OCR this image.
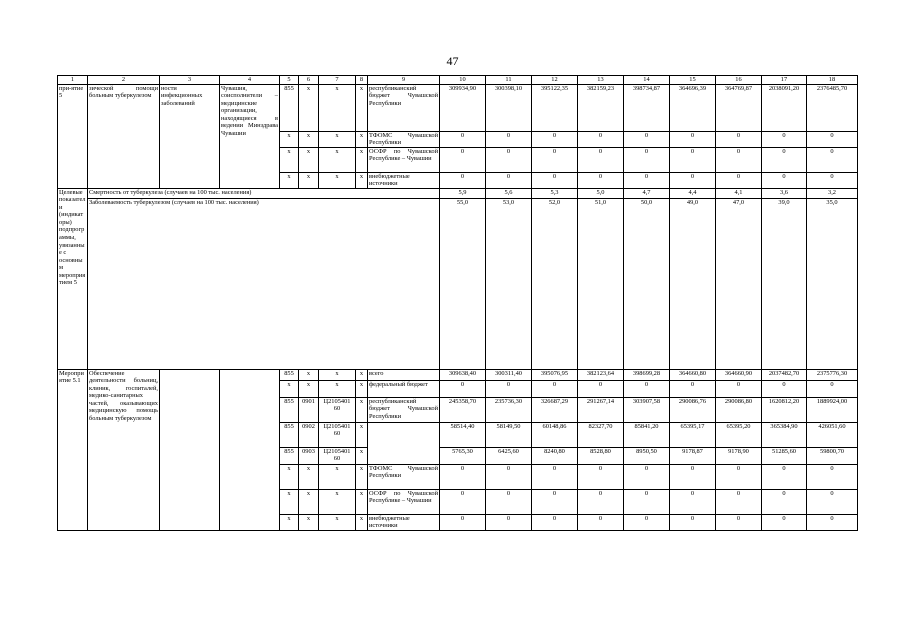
47
1	2	3	4	5	6	7	8	9	10	11	12	13	14	15	16	17	18
при-ятие 5	зической помощи больным туберкулезом	ности инфекционных заболеваний	Чувашия, соисполнители – медицинские организации, находящиеся в ведении Минздрава Чувашии	855	x	x	x	республиканский бюджет Чувашской Республики	309934,90	300398,10	395122,35	382159,23	398734,87	364696,39	364769,87	2038091,20	2376485,70
				x	x	x	x	ТФОМС Чувашской Республики	0	0	0	0	0	0	0	0	0
				x	x	x	x	ОСФР по Чувашской Республике – Чувашии	0	0	0	0	0	0	0	0	0
				x	x	x	x	внебюджетные источники	0	0	0	0	0	0	0	0	0
Целевые показатели (индикаторы) подпрограммы, увязанные с основным мероприятием 5	Смертность от туберкулеза (случаев на 100 тыс. населения)								5,9	5,6	5,3	5,0	4,7	4,4	4,1	3,6	3,2
	Заболеваемость туберкулезом (случаев на 100 тыс. населения)								55,0	53,0	52,0	51,0	50,0	49,0	47,0	39,0	35,0
Мероприятие 5.1	Обеспечение деятельности больниц, клиник, госпиталей, медико-санитарных частей, оказывающих медицинскую помощь больным туберкулезом			855	x	x	x	всего	309638,40	300311,40	395076,95	382123,64	398699,28	364660,80	364660,90	2037482,70	2375776,30
				x	x	x	x	федеральный бюджет	0	0	0	0	0	0	0	0	0
				855	0901	Ц2105401 60	x	республиканский бюджет Чувашской Республики	245358,70	235736,30	326687,29	291267,14	303907,58	290086,76	290086,80	1620812,20	1889924,00
				855	0902	Ц2105401 60	x		58514,40	58149,50	60148,86	82327,70	85841,20	65395,17	65395,20	365384,90	426051,60
				855	0903	Ц2105401 60	x		5765,30	6425,60	8240,80	8528,80	8950,50	9178,87	9178,90	51285,60	59800,70
				x	x	x	x	ТФОМС Чувашской Республики	0	0	0	0	0	0	0	0	0
				x	x	x	x	ОСФР по Чувашской Республике – Чувашии	0	0	0	0	0	0	0	0	0
				x	x	x	x	внебюджетные источники	0	0	0	0	0	0	0	0	0
